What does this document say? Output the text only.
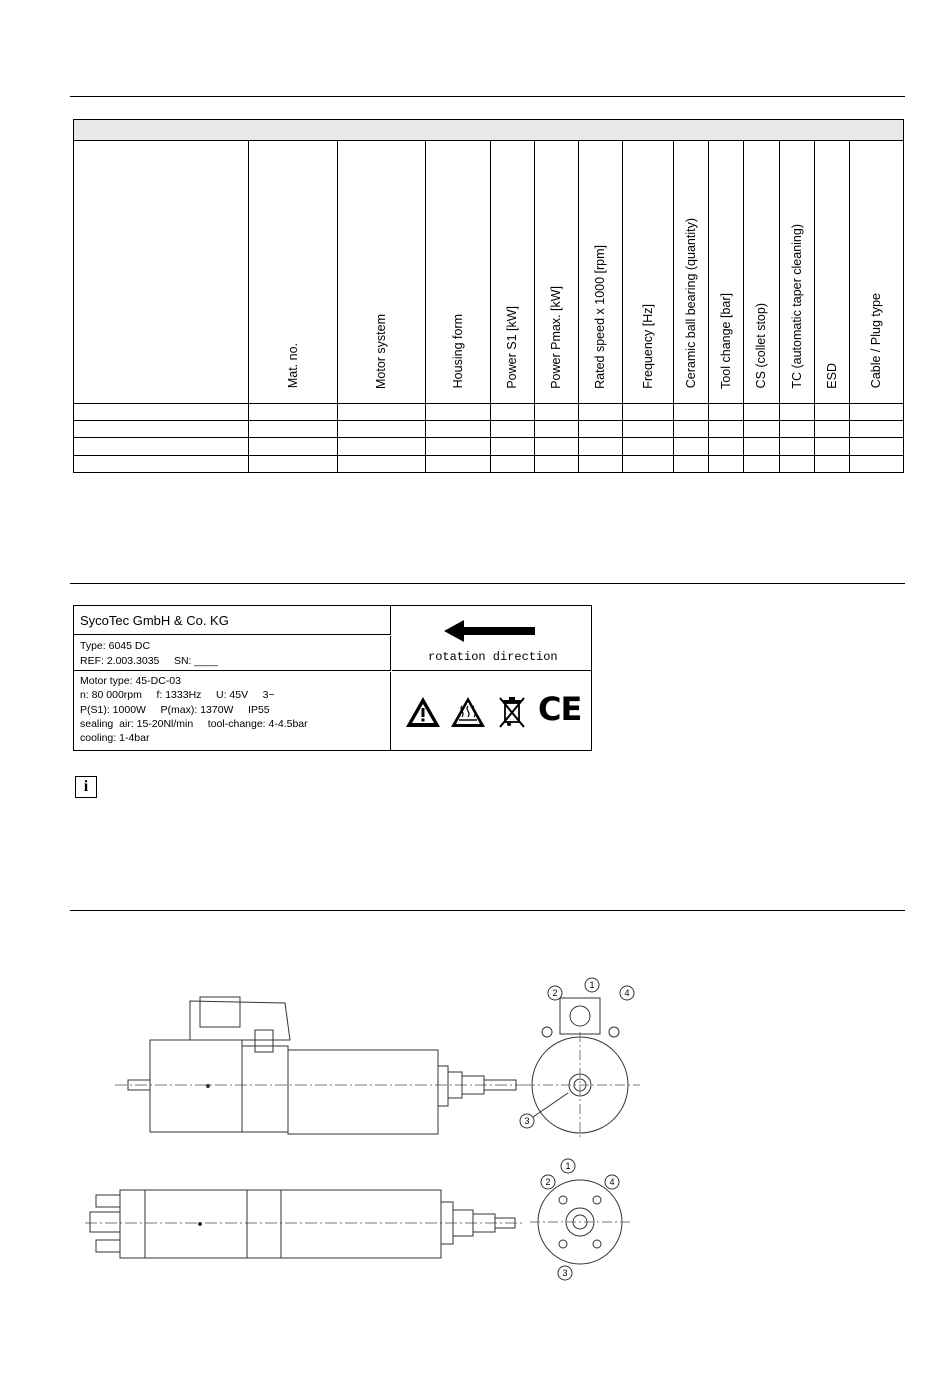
	Mat. no.	Motor system	Housing form	Power S1 [kW]	Power Pmax. [kW]	Rated speed x 1000 [rpm]	Frequency [Hz]	Ceramic ball bearing (quantity)	Tool change [bar]	CS (collet stop)	TC (automatic taper cleaning)	ESD	Cable / Plug type

SycoTec GmbH & Co. KG
Type: 6045 DC
REF: 2.003.3035     SN: ____
Motor type: 45-DC-03
n: 80 000rpm     f: 1333Hz     U: 45V     3~
P(S1): 1000W     P(max): 1370W     IP55
sealing  air: 15-20Nl/min     tool-change: 4-4.5bar
cooling: 1-4bar
rotation direction
CE
i
1
2
3
4
1
2
3
4
